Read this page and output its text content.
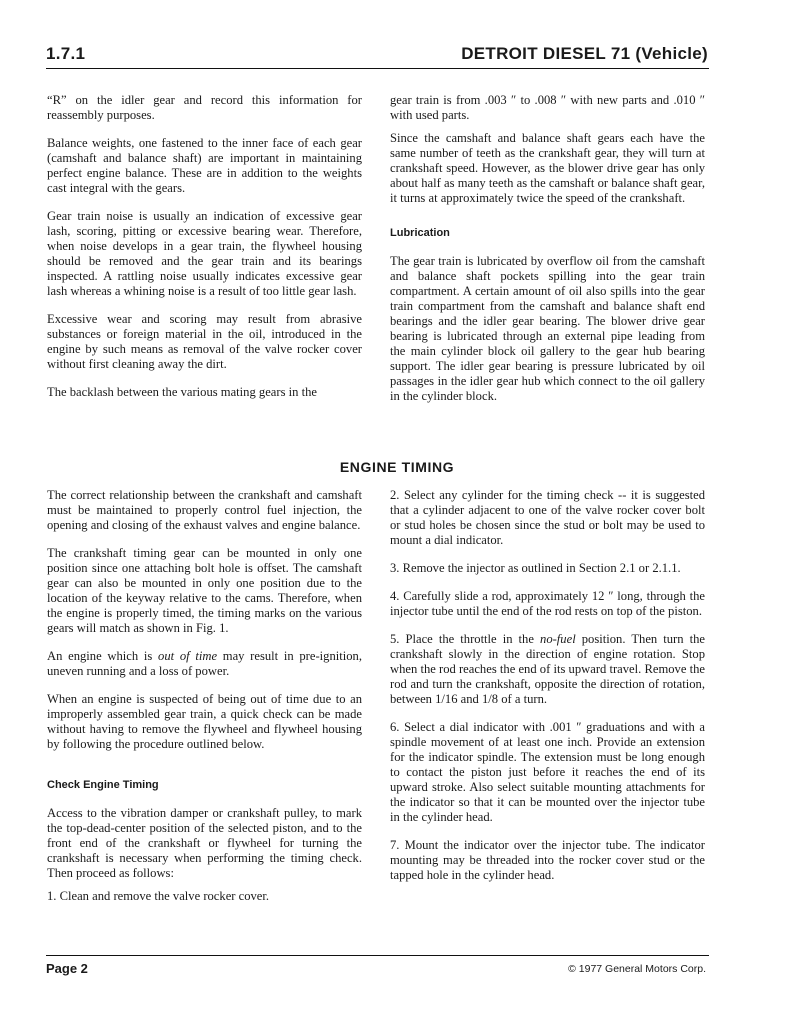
1.7.1	DETROIT DIESEL 71 (Vehicle)

“R” on the idler gear and record this information for reassembly purposes.

Balance weights, one fastened to the inner face of each gear (camshaft and balance shaft) are important in maintaining perfect engine balance. These are in addition to the weights cast integral with the gears.

Gear train noise is usually an indication of excessive gear lash, scoring, pitting or excessive bearing wear. Therefore, when noise develops in a gear train, the flywheel housing should be removed and the gear train and its bearings inspected. A rattling noise usually indicates excessive gear lash whereas a whining noise is a result of too little gear lash.

Excessive wear and scoring may result from abrasive substances or foreign material in the oil, introduced in the engine by such means as removal of the valve rocker cover without first cleaning away the dirt.

The backlash between the various mating gears in the

gear train is from .003 ″ to .008 ″ with new parts and .010 ″ with used parts.

Since the camshaft and balance shaft gears each have the same number of teeth as the crankshaft gear, they will turn at crankshaft speed. However, as the blower drive gear has only about half as many teeth as the camshaft or balance shaft gear, it turns at approximately twice the speed of the crankshaft.

Lubrication

The gear train is lubricated by overflow oil from the camshaft and balance shaft pockets spilling into the gear train compartment. A certain amount of oil also spills into the gear train compartment from the camshaft and balance shaft end bearings and the idler gear bearing. The blower drive gear bearing is lubricated through an external pipe leading from the main cylinder block oil gallery to the gear hub bearing support. The idler gear bearing is pressure lubricated by oil passages in the idler gear hub which connect to the oil gallery in the cylinder block.

ENGINE TIMING

The correct relationship between the crankshaft and camshaft must be maintained to properly control fuel injection, the opening and closing of the exhaust valves and engine balance.

The crankshaft timing gear can be mounted in only one position since one attaching bolt hole is offset. The camshaft gear can also be mounted in only one position due to the location of the keyway relative to the cams. Therefore, when the engine is properly timed, the timing marks on the various gears will match as shown in Fig. 1.

An engine which is out of time may result in pre-ignition, uneven running and a loss of power.

When an engine is suspected of being out of time due to an improperly assembled gear train, a quick check can be made without having to remove the flywheel and flywheel housing by following the procedure outlined below.

Check Engine Timing

Access to the vibration damper or crankshaft pulley, to mark the top-dead-center position of the selected piston, and to the front end of the crankshaft or flywheel for turning the crankshaft is necessary when performing the timing check. Then proceed as follows:

1. Clean and remove the valve rocker cover.

2. Select any cylinder for the timing check -- it is suggested that a cylinder adjacent to one of the valve rocker cover bolt or stud holes be chosen since the stud or bolt may be used to mount a dial indicator.

3. Remove the injector as outlined in Section 2.1 or 2.1.1.

4. Carefully slide a rod, approximately 12 ″ long, through the injector tube until the end of the rod rests on top of the piston.

5. Place the throttle in the no-fuel position. Then turn the crankshaft slowly in the direction of engine rotation. Stop when the rod reaches the end of its upward travel. Remove the rod and turn the crankshaft, opposite the direction of rotation, between 1/16 and 1/8 of a turn.

6. Select a dial indicator with .001 ″ graduations and with a spindle movement of at least one inch. Provide an extension for the indicator spindle. The extension must be long enough to contact the piston just before it reaches the end of its upward stroke. Also select suitable mounting attachments for the indicator so that it can be mounted over the injector tube in the cylinder head.

7. Mount the indicator over the injector tube. The indicator mounting may be threaded into the rocker cover stud or the tapped hole in the cylinder head.

Page 2	© 1977 General Motors Corp.
